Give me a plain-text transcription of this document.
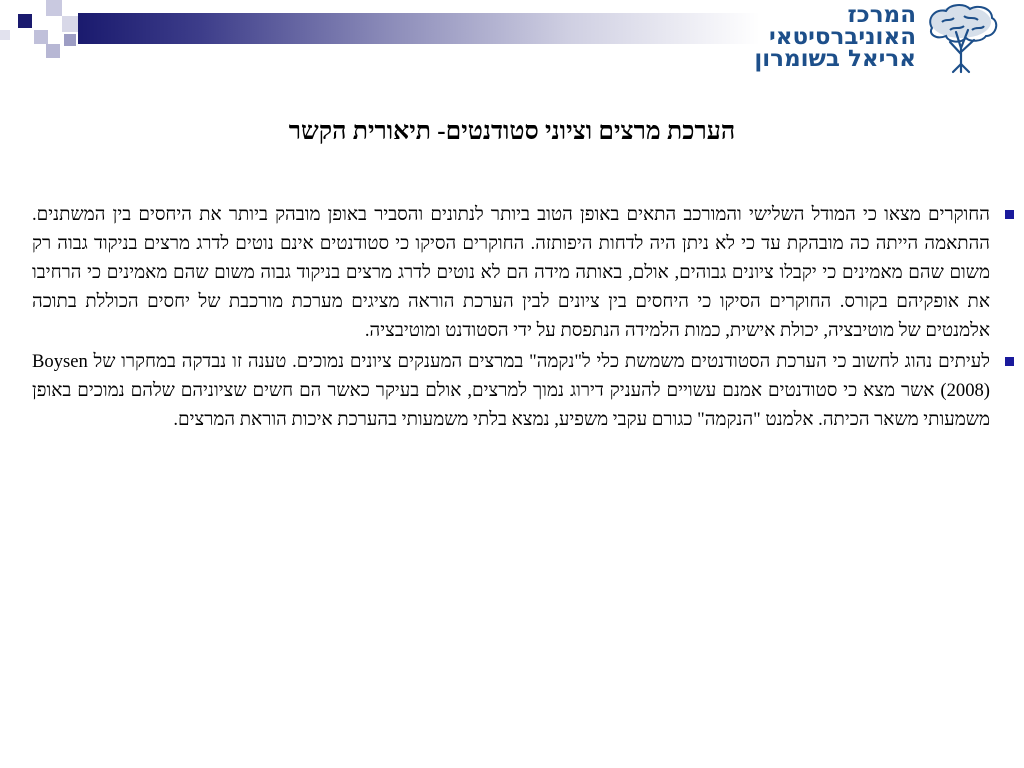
המרכז
האוניברסיטאי
אריאל בשומרון
הערכת מרצים וציוני סטודנטים- תיאורית הקשר
החוקרים מצאו כי המודל השלישי והמורכב התאים באופן הטוב ביותר לנתונים והסביר באופן מובהק ביותר את היחסים בין המשתנים. ההתאמה הייתה כה מובהקת עד כי לא ניתן היה לדחות היפותזה. החוקרים הסיקו כי סטודנטים אינם נוטים לדרג מרצים בניקוד גבוה רק משום שהם מאמינים כי יקבלו ציונים גבוהים, אולם, באותה מידה הם לא נוטים לדרג מרצים בניקוד גבוה משום שהם מאמינים כי הרחיבו את אופקיהם בקורס. החוקרים הסיקו כי היחסים בין ציונים לבין הערכת הוראה מציגים מערכת מורכבת של יחסים הכוללת בתוכה אלמנטים של מוטיבציה, יכולת אישית, כמות הלמידה הנתפסת על ידי הסטודנט ומוטיבציה.
לעיתים נהוג לחשוב כי הערכת הסטודנטים משמשת כלי ל"נקמה" במרצים המענקים ציונים נמוכים. טענה זו נבדקה במחקרו של Boysen (2008) אשר מצא כי סטודנטים אמנם עשויים להעניק דירוג נמוך למרצים, אולם בעיקר כאשר הם חשים שציוניהם שלהם נמוכים באופן משמעותי משאר הכיתה. אלמנט "הנקמה" כגורם עקבי משפיע, נמצא בלתי משמעותי בהערכת איכות הוראת המרצים.
